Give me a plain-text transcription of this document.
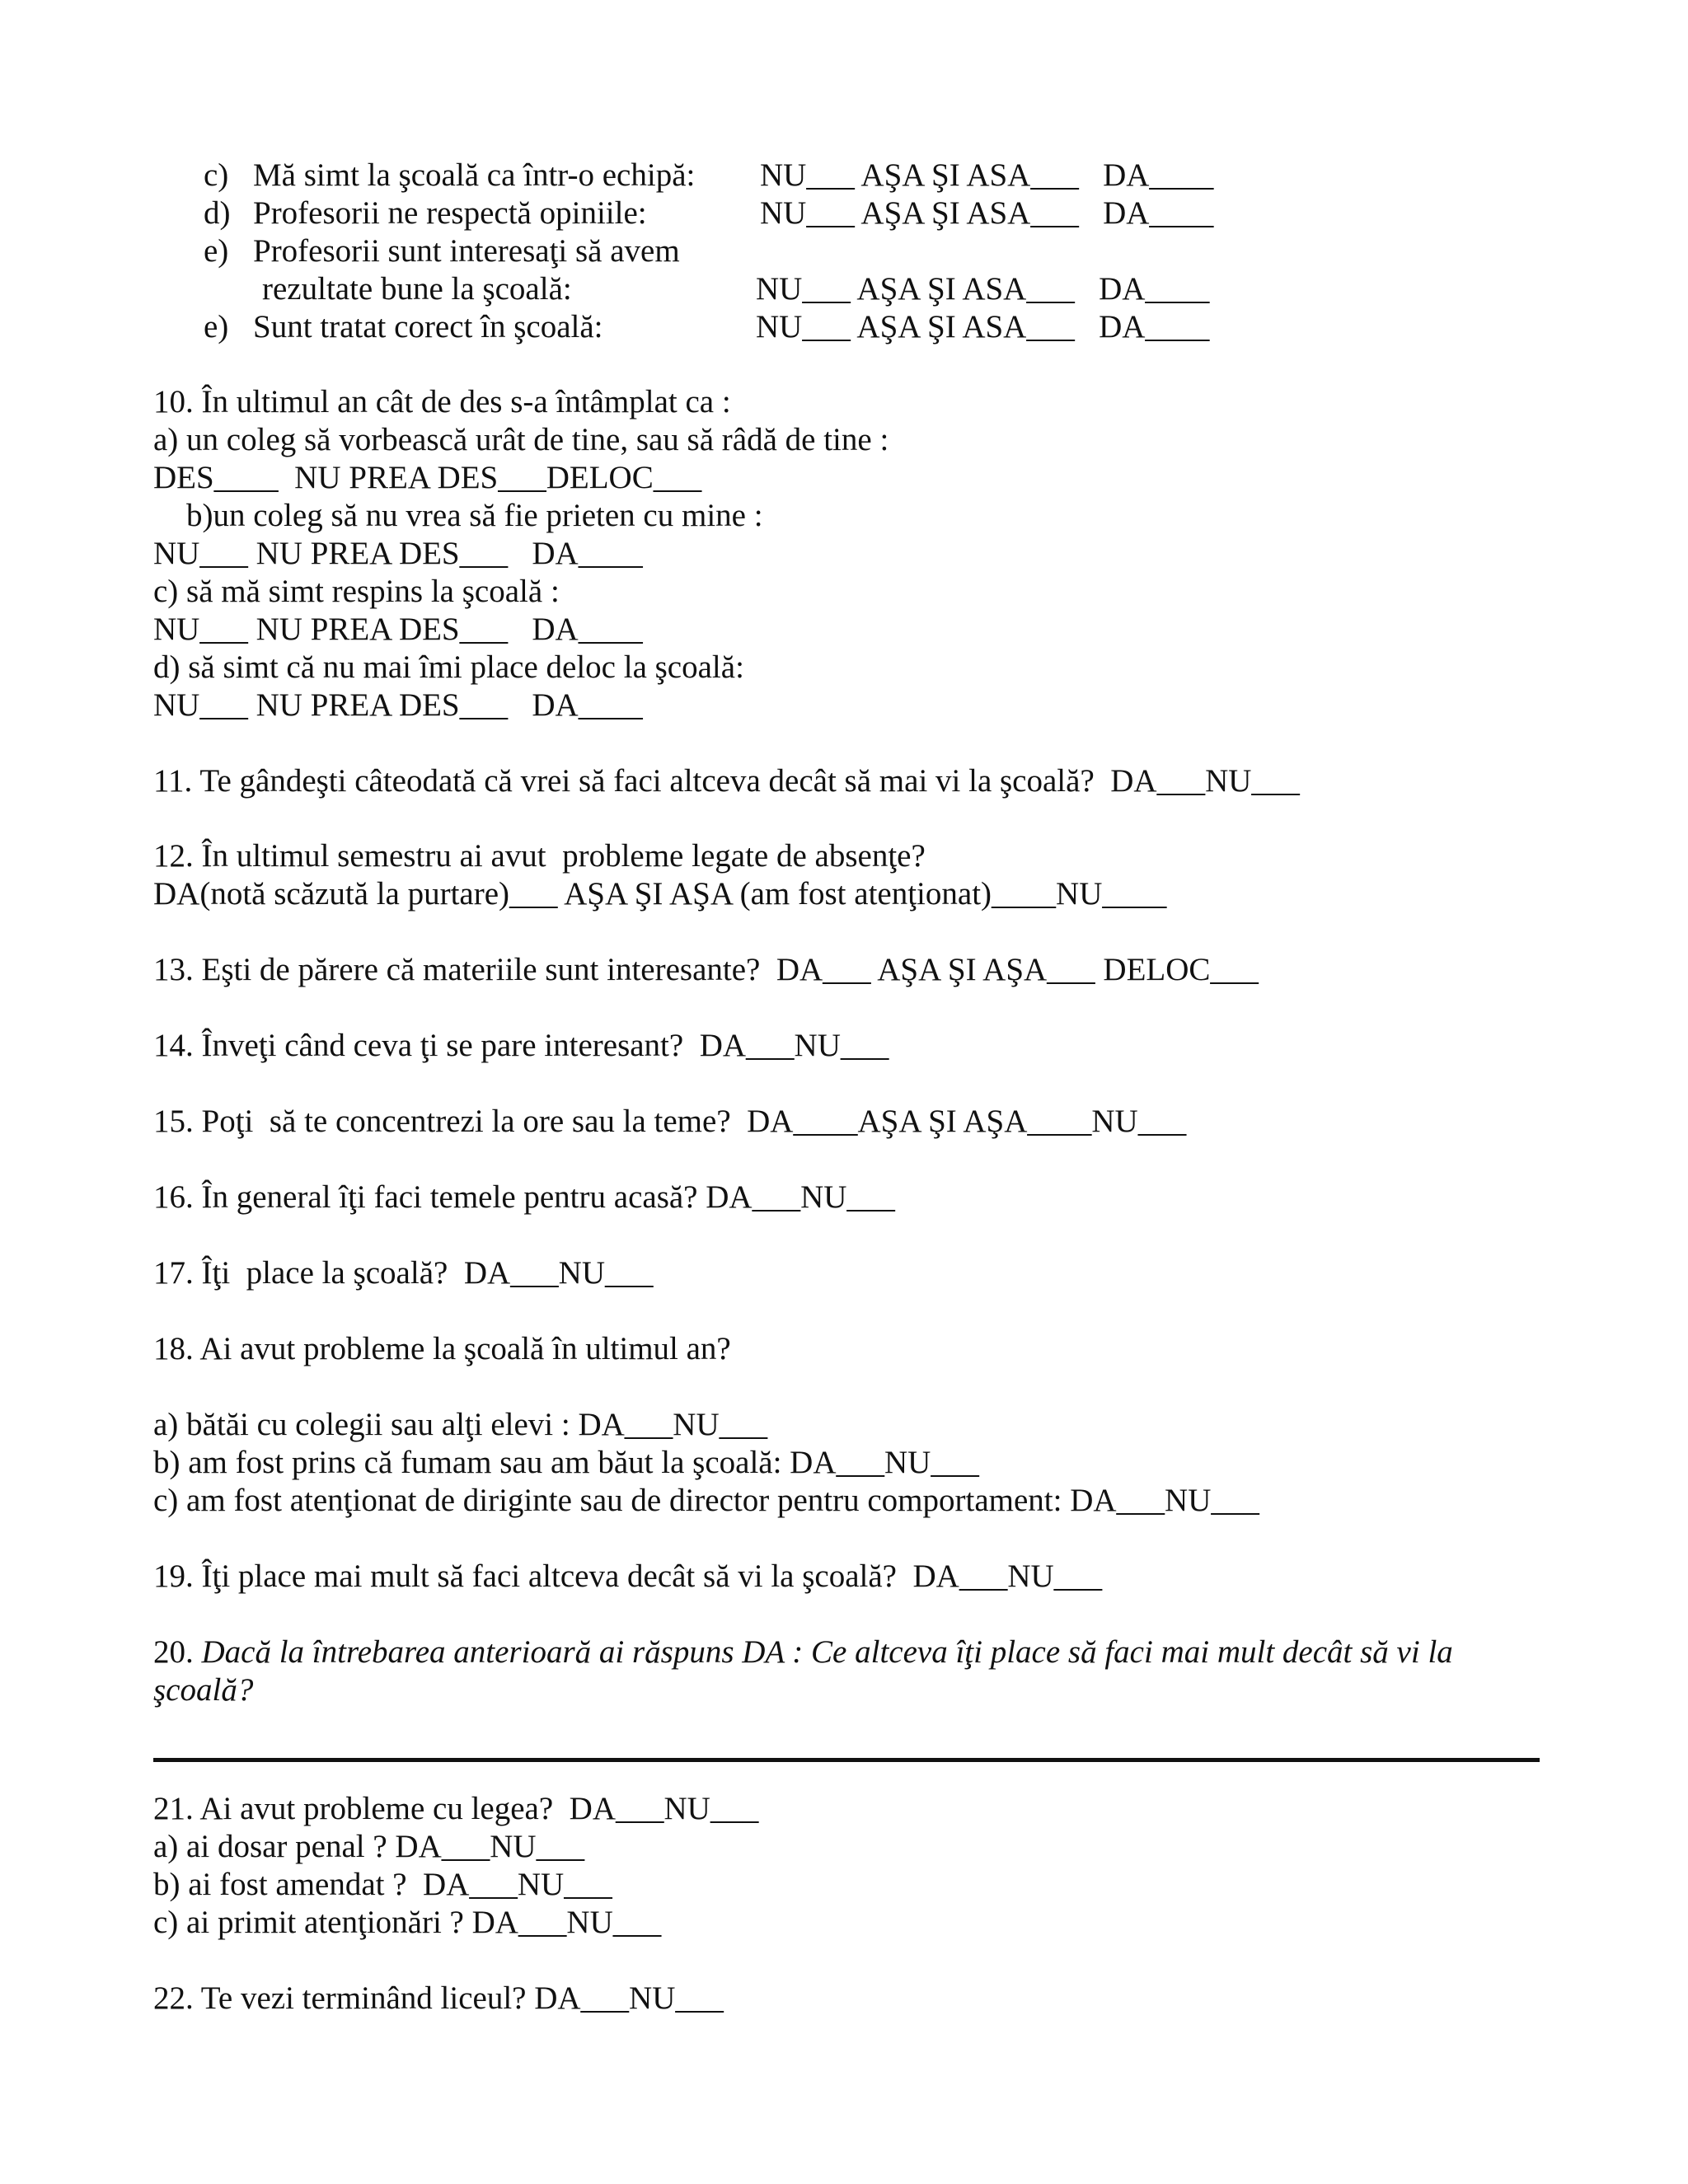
c) Mă simt la şcoală ca într-o echipă: NU___ AŞA ŞI ASA___   DA____
d) Profesorii ne respectă opiniile:	NU___ AŞA ŞI ASA___   DA____
e) Profesorii sunt interesaţi să avem
rezultate bune la şcoală:	NU___ AŞA ŞI ASA___   DA____
e) Sunt tratat corect în şcoală:	NU___ AŞA ŞI ASA___   DA____
10. În ultimul an cât de des s-a întâmplat ca :
a) un coleg să vorbească urât de tine, sau să râdă de tine :
DES____  NU PREA DES___DELOC___
b)un coleg să nu vrea să fie prieten cu mine :
NU___ NU PREA DES___   DA____
c) să mă simt respins la şcoală :
NU___ NU PREA DES___   DA____
d) să simt că nu mai îmi place deloc la şcoală:
NU___ NU PREA DES___   DA____
11. Te gândeşti câteodată că vrei să faci altceva decât să mai vi la şcoală?  DA___NU___
12. În ultimul semestru ai avut  probleme legate de absenţe?
DA(notă scăzută la purtare)___ AŞA ŞI AŞA (am fost atenţionat)____NU____
13. Eşti de părere că materiile sunt interesante?  DA___ AŞA ŞI AŞA___ DELOC___
14. Înveţi când ceva ţi se pare interesant?  DA___NU___
15. Poţi  să te concentrezi la ore sau la teme?  DA____AŞA ŞI AŞA____NU___
16. În general îţi faci temele pentru acasă? DA___NU___
17. Îţi  place la şcoală?  DA___NU___
18. Ai avut probleme la şcoală în ultimul an?
a) bătăi cu colegii sau alţi elevi : DA___NU___
b) am fost prins că fumam sau am băut la şcoală: DA___NU___
c) am fost atenţionat de diriginte sau de director pentru comportament: DA___NU___
19. Îţi place mai mult să faci altceva decât să vi la şcoală?  DA___NU___
20. Dacă la întrebarea anterioară ai răspuns DA : Ce altceva îţi place să faci mai mult decât să vi la
şcoală?
21. Ai avut probleme cu legea?  DA___NU___
a) ai dosar penal ? DA___NU___
b) ai fost amendat ?  DA___NU___
c) ai primit atenţionări ? DA___NU___
22. Te vezi terminând liceul? DA___NU___
